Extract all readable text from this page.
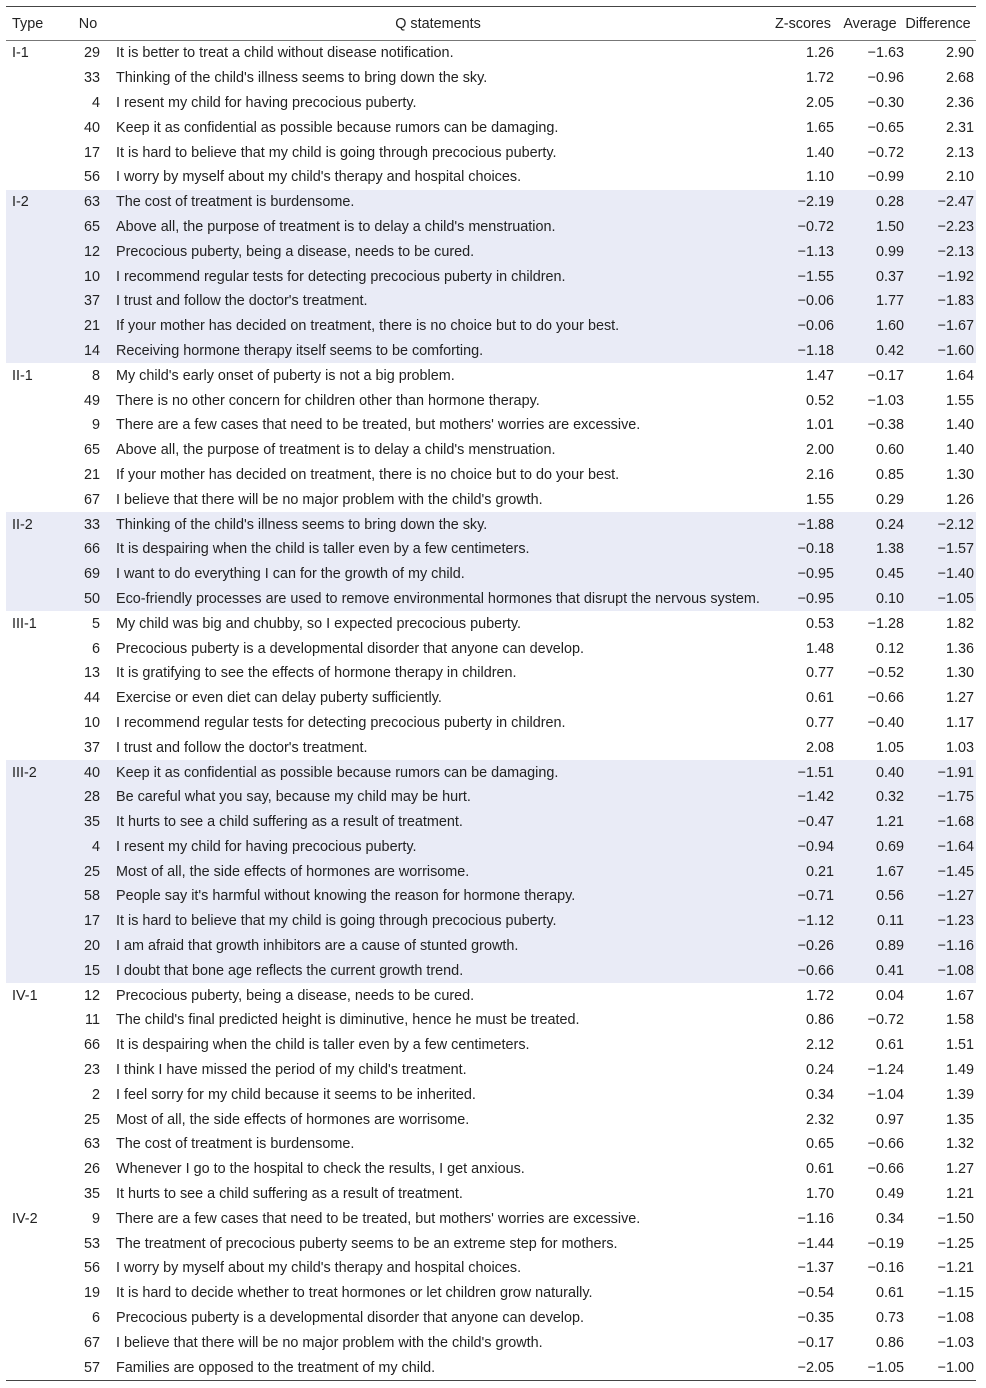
Type	No	Q statements	Z-scores Average Difference
I-1	29	It is better to treat a child without disease notification.	1.26	−1.63	2.90
33	Thinking of the child's illness seems to bring down the sky.	1.72	−0.96	2.68
4	I resent my child for having precocious puberty.	2.05	−0.30	2.36
40	Keep it as confidential as possible because rumors can be damaging.	1.65	−0.65	2.31
17	It is hard to believe that my child is going through precocious puberty.	1.40	−0.72	2.13
56	I worry by myself about my child's therapy and hospital choices.	1.10	−0.99	2.10
I-2	63	The cost of treatment is burdensome.	−2.19	0.28	−2.47
65	Above all, the purpose of treatment is to delay a child's menstruation.	−0.72	1.50	−2.23
12	Precocious puberty, being a disease, needs to be cured.	−1.13	0.99	−2.13
10	I recommend regular tests for detecting precocious puberty in children.	−1.55	0.37	−1.92
37	I trust and follow the doctor's treatment.	−0.06	1.77	−1.83
21	If your mother has decided on treatment, there is no choice but to do your best.	−0.06	1.60	−1.67
14	Receiving hormone therapy itself seems to be comforting.	−1.18	0.42	−1.60
II-1	8	My child's early onset of puberty is not a big problem.	1.47	−0.17	1.64
49	There is no other concern for children other than hormone therapy.	0.52	−1.03	1.55
9	There are a few cases that need to be treated, but mothers' worries are excessive.	1.01	−0.38	1.40
65	Above all, the purpose of treatment is to delay a child's menstruation.	2.00	0.60	1.40
21	If your mother has decided on treatment, there is no choice but to do your best.	2.16	0.85	1.30
67	I believe that there will be no major problem with the child's growth.	1.55	0.29	1.26
II-2	33	Thinking of the child's illness seems to bring down the sky.	−1.88	0.24	−2.12
66	It is despairing when the child is taller even by a few centimeters.	−0.18	1.38	−1.57
69	I want to do everything I can for the growth of my child.	−0.95	0.45	−1.40
50	Eco-friendly processes are used to remove environmental hormones that disrupt the nervous system.	−0.95	0.10	−1.05
III-1	5	My child was big and chubby, so I expected precocious puberty.	0.53	−1.28	1.82
6	Precocious puberty is a developmental disorder that anyone can develop.	1.48	0.12	1.36
13	It is gratifying to see the effects of hormone therapy in children.	0.77	−0.52	1.30
44	Exercise or even diet can delay puberty sufficiently.	0.61	−0.66	1.27
10	I recommend regular tests for detecting precocious puberty in children.	0.77	−0.40	1.17
37	I trust and follow the doctor's treatment.	2.08	1.05	1.03
III-2	40	Keep it as confidential as possible because rumors can be damaging.	−1.51	0.40	−1.91
28	Be careful what you say, because my child may be hurt.	−1.42	0.32	−1.75
35	It hurts to see a child suffering as a result of treatment.	−0.47	1.21	−1.68
4	I resent my child for having precocious puberty.	−0.94	0.69	−1.64
25	Most of all, the side effects of hormones are worrisome.	0.21	1.67	−1.45
58	People say it's harmful without knowing the reason for hormone therapy.	−0.71	0.56	−1.27
17	It is hard to believe that my child is going through precocious puberty.	−1.12	0.11	−1.23
20	I am afraid that growth inhibitors are a cause of stunted growth.	−0.26	0.89	−1.16
15	I doubt that bone age reflects the current growth trend.	−0.66	0.41	−1.08
IV-1	12	Precocious puberty, being a disease, needs to be cured.	1.72	0.04	1.67
11	The child's final predicted height is diminutive, hence he must be treated.	0.86	−0.72	1.58
66	It is despairing when the child is taller even by a few centimeters.	2.12	0.61	1.51
23	I think I have missed the period of my child's treatment.	0.24	−1.24	1.49
2	I feel sorry for my child because it seems to be inherited.	0.34	−1.04	1.39
25	Most of all, the side effects of hormones are worrisome.	2.32	0.97	1.35
63	The cost of treatment is burdensome.	0.65	−0.66	1.32
26	Whenever I go to the hospital to check the results, I get anxious.	0.61	−0.66	1.27
35	It hurts to see a child suffering as a result of treatment.	1.70	0.49	1.21
IV-2	9	There are a few cases that need to be treated, but mothers' worries are excessive.	−1.16	0.34	−1.50
53	The treatment of precocious puberty seems to be an extreme step for mothers.	−1.44	−0.19	−1.25
56	I worry by myself about my child's therapy and hospital choices.	−1.37	−0.16	−1.21
19	It is hard to decide whether to treat hormones or let children grow naturally.	−0.54	0.61	−1.15
6	Precocious puberty is a developmental disorder that anyone can develop.	−0.35	0.73	−1.08
67	I believe that there will be no major problem with the child's growth.	−0.17	0.86	−1.03
57	Families are opposed to the treatment of my child.	−2.05	−1.05	−1.00
